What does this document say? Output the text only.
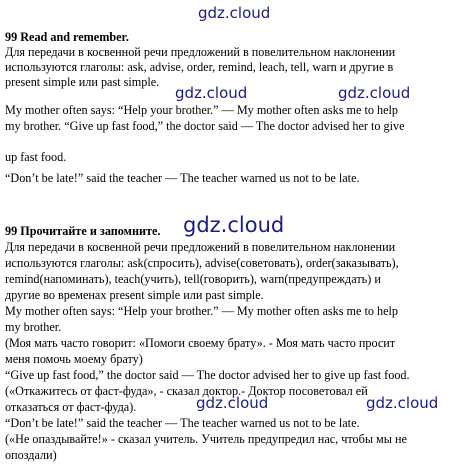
99 Read and remember.
Для передачи в косвенной речи предложений в повелительном наклонении
используются глаголы: ask, advise, order, remind, leach, tell, warn и другие в
present simple или past simple.
My mother often says: “Help your brother.” — My mother often asks me to help
my brother. “Give up fast food,” the doctor said — The doctor advised her to give
up fast food.
“Don’t be late!” said the teacher — The teacher warned us not to be late.
99 Прочитайте и запомните.
Для передачи в косвенной речи предложений в повелительном наклонении
используются глаголы: ask(спросить), advise(советовать), order(заказывать),
remind(напоминать), teach(учить), tell(говорить), warn(предупреждать) и
другие во временах present simple или past simple.
My mother often says: “Help your brother.” — My mother often asks me to help
my brother.
(Моя мать часто говорит: «Помоги своему брату». - Моя мать часто просит
меня помочь моему брату)
“Give up fast food,” the doctor said — The doctor advised her to give up fast food.
(«Откажитесь от фаст-фуда», - сказал доктор.- Доктор посоветовал ей
отказаться от фаст-фуда).
“Don’t be late!” said the teacher — The teacher warned us not to be late.
(«Не опаздывайте!» - сказал учитель. Учитель предупредил нас, чтобы мы не
опоздали)
gdz.cloud
gdz.cloud	gdz.cloud
gdz.cloud
gdz.cloud	gdz.cloud
